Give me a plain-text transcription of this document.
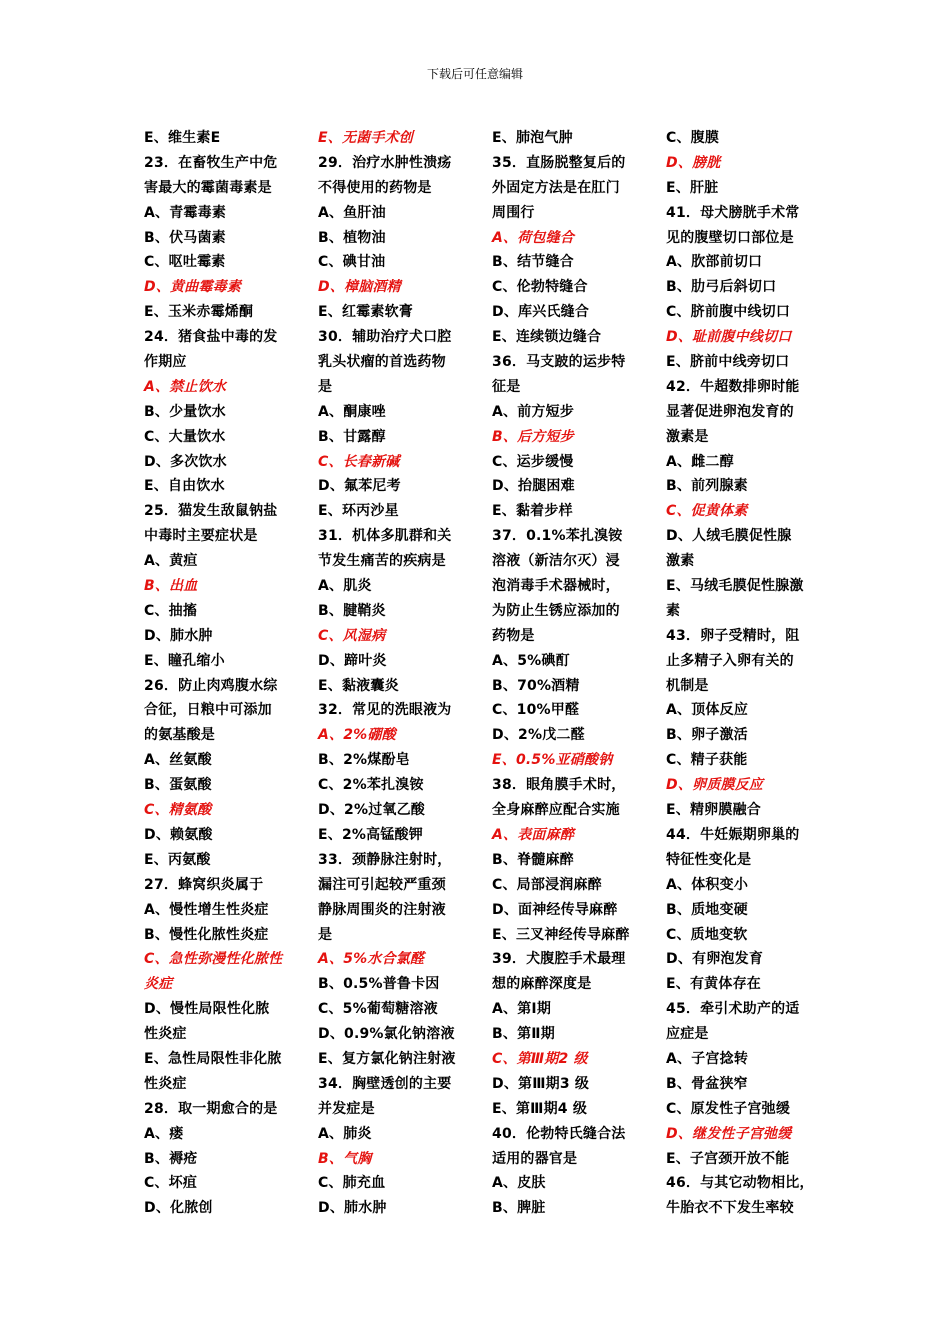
下载后可任意编辑
E、维生素E
23．在畜牧生产中危
害最大的霉菌毒素是
A、青霉毒素
B、伏马菌素
C、呕吐霉素
D、黄曲霉毒素
E、玉米赤霉烯酮
24．猪食盐中毒的发
作期应
A、禁止饮水
B、少量饮水
C、大量饮水
D、多次饮水
E、自由饮水
25．猫发生敌鼠钠盐
中毒时主要症状是
A、黄疸
B、出血
C、抽搐
D、肺水肿
E、瞳孔缩小
26．防止肉鸡腹水综
合征，日粮中可添加
的氨基酸是
A、丝氨酸
B、蛋氨酸
C、精氨酸
D、赖氨酸
E、丙氨酸
27．蜂窝织炎属于
A、慢性增生性炎症
B、慢性化脓性炎症
C、急性弥漫性化脓性
炎症
D、慢性局限性化脓
性炎症
E、急性局限性非化脓
性炎症
28．取一期愈合的是
A、瘘
B、褥疮
C、坏疽
D、化脓创
E、无菌手术创
29．治疗水肿性溃疡
不得使用的药物是
A、鱼肝油
B、植物油
C、碘甘油
D、樟脑酒精
E、红霉素软膏
30．辅助治疗犬口腔
乳头状瘤的首选药物
是
A、酮康唑
B、甘露醇
C、长春新碱
D、氟苯尼考
E、环丙沙星
31．机体多肌群和关
节发生痛苦的疾病是
A、肌炎
B、腱鞘炎
C、风湿病
D、蹄叶炎
E、黏液囊炎
32．常见的洗眼液为
A、2%硼酸
B、2%煤酚皂
C、2%苯扎溴铵
D、2%过氧乙酸
E、2%高锰酸钾
33．颈静脉注射时，
漏注可引起较严重颈
静脉周围炎的注射液
是
A、5%水合氯醛
B、0.5%普鲁卡因
C、5%葡萄糖溶液
D、0.9%氯化钠溶液
E、复方氯化钠注射液
34．胸壁透创的主要
并发症是
A、肺炎
B、气胸
C、肺充血
D、肺水肿
E、肺泡气肿
35．直肠脱整复后的
外固定方法是在肛门
周围行
A、荷包缝合
B、结节缝合
C、伦勃特缝合
D、库兴氏缝合
E、连续锁边缝合
36．马支跛的运步特
征是
A、前方短步
B、后方短步
C、运步缓慢
D、抬腿困难
E、黏着步样
37．0.1%苯扎溴铵
溶液（新洁尔灭）浸
泡消毒手术器械时，
为防止生锈应添加的
药物是
A、5%碘酊
B、70%酒精
C、10%甲醛
D、2%戊二醛
E、0.5%亚硝酸钠
38．眼角膜手术时，
全身麻醉应配合实施
A、表面麻醉
B、脊髓麻醉
C、局部浸润麻醉
D、面神经传导麻醉
E、三叉神经传导麻醉
39．犬腹腔手术最理
想的麻醉深度是
A、第Ⅰ期
B、第Ⅱ期
C、第Ⅲ期2 级
D、第Ⅲ期3 级
E、第Ⅲ期4 级
40．伦勃特氏缝合法
适用的器官是
A、皮肤
B、脾脏
C、腹膜
D、膀胱
E、肝脏
41．母犬膀胱手术常
见的腹壁切口部位是
A、肷部前切口
B、肋弓后斜切口
C、脐前腹中线切口
D、耻前腹中线切口
E、脐前中线旁切口
42．牛超数排卵时能
显著促进卵泡发育的
激素是
A、雌二醇
B、前列腺素
C、促黄体素
D、人绒毛膜促性腺
激素
E、马绒毛膜促性腺激
素
43．卵子受精时，阻
止多精子入卵有关的
机制是
A、顶体反应
B、卵子激活
C、精子获能
D、卵质膜反应
E、精卵膜融合
44．牛妊娠期卵巢的
特征性变化是
A、体积变小
B、质地变硬
C、质地变软
D、有卵泡发育
E、有黄体存在
45．牵引术助产的适
应症是
A、子宫捻转
B、骨盆狭窄
C、原发性子宫弛缓
D、继发性子宫弛缓
E、子宫颈开放不能
46．与其它动物相比，
牛胎衣不下发生率较
